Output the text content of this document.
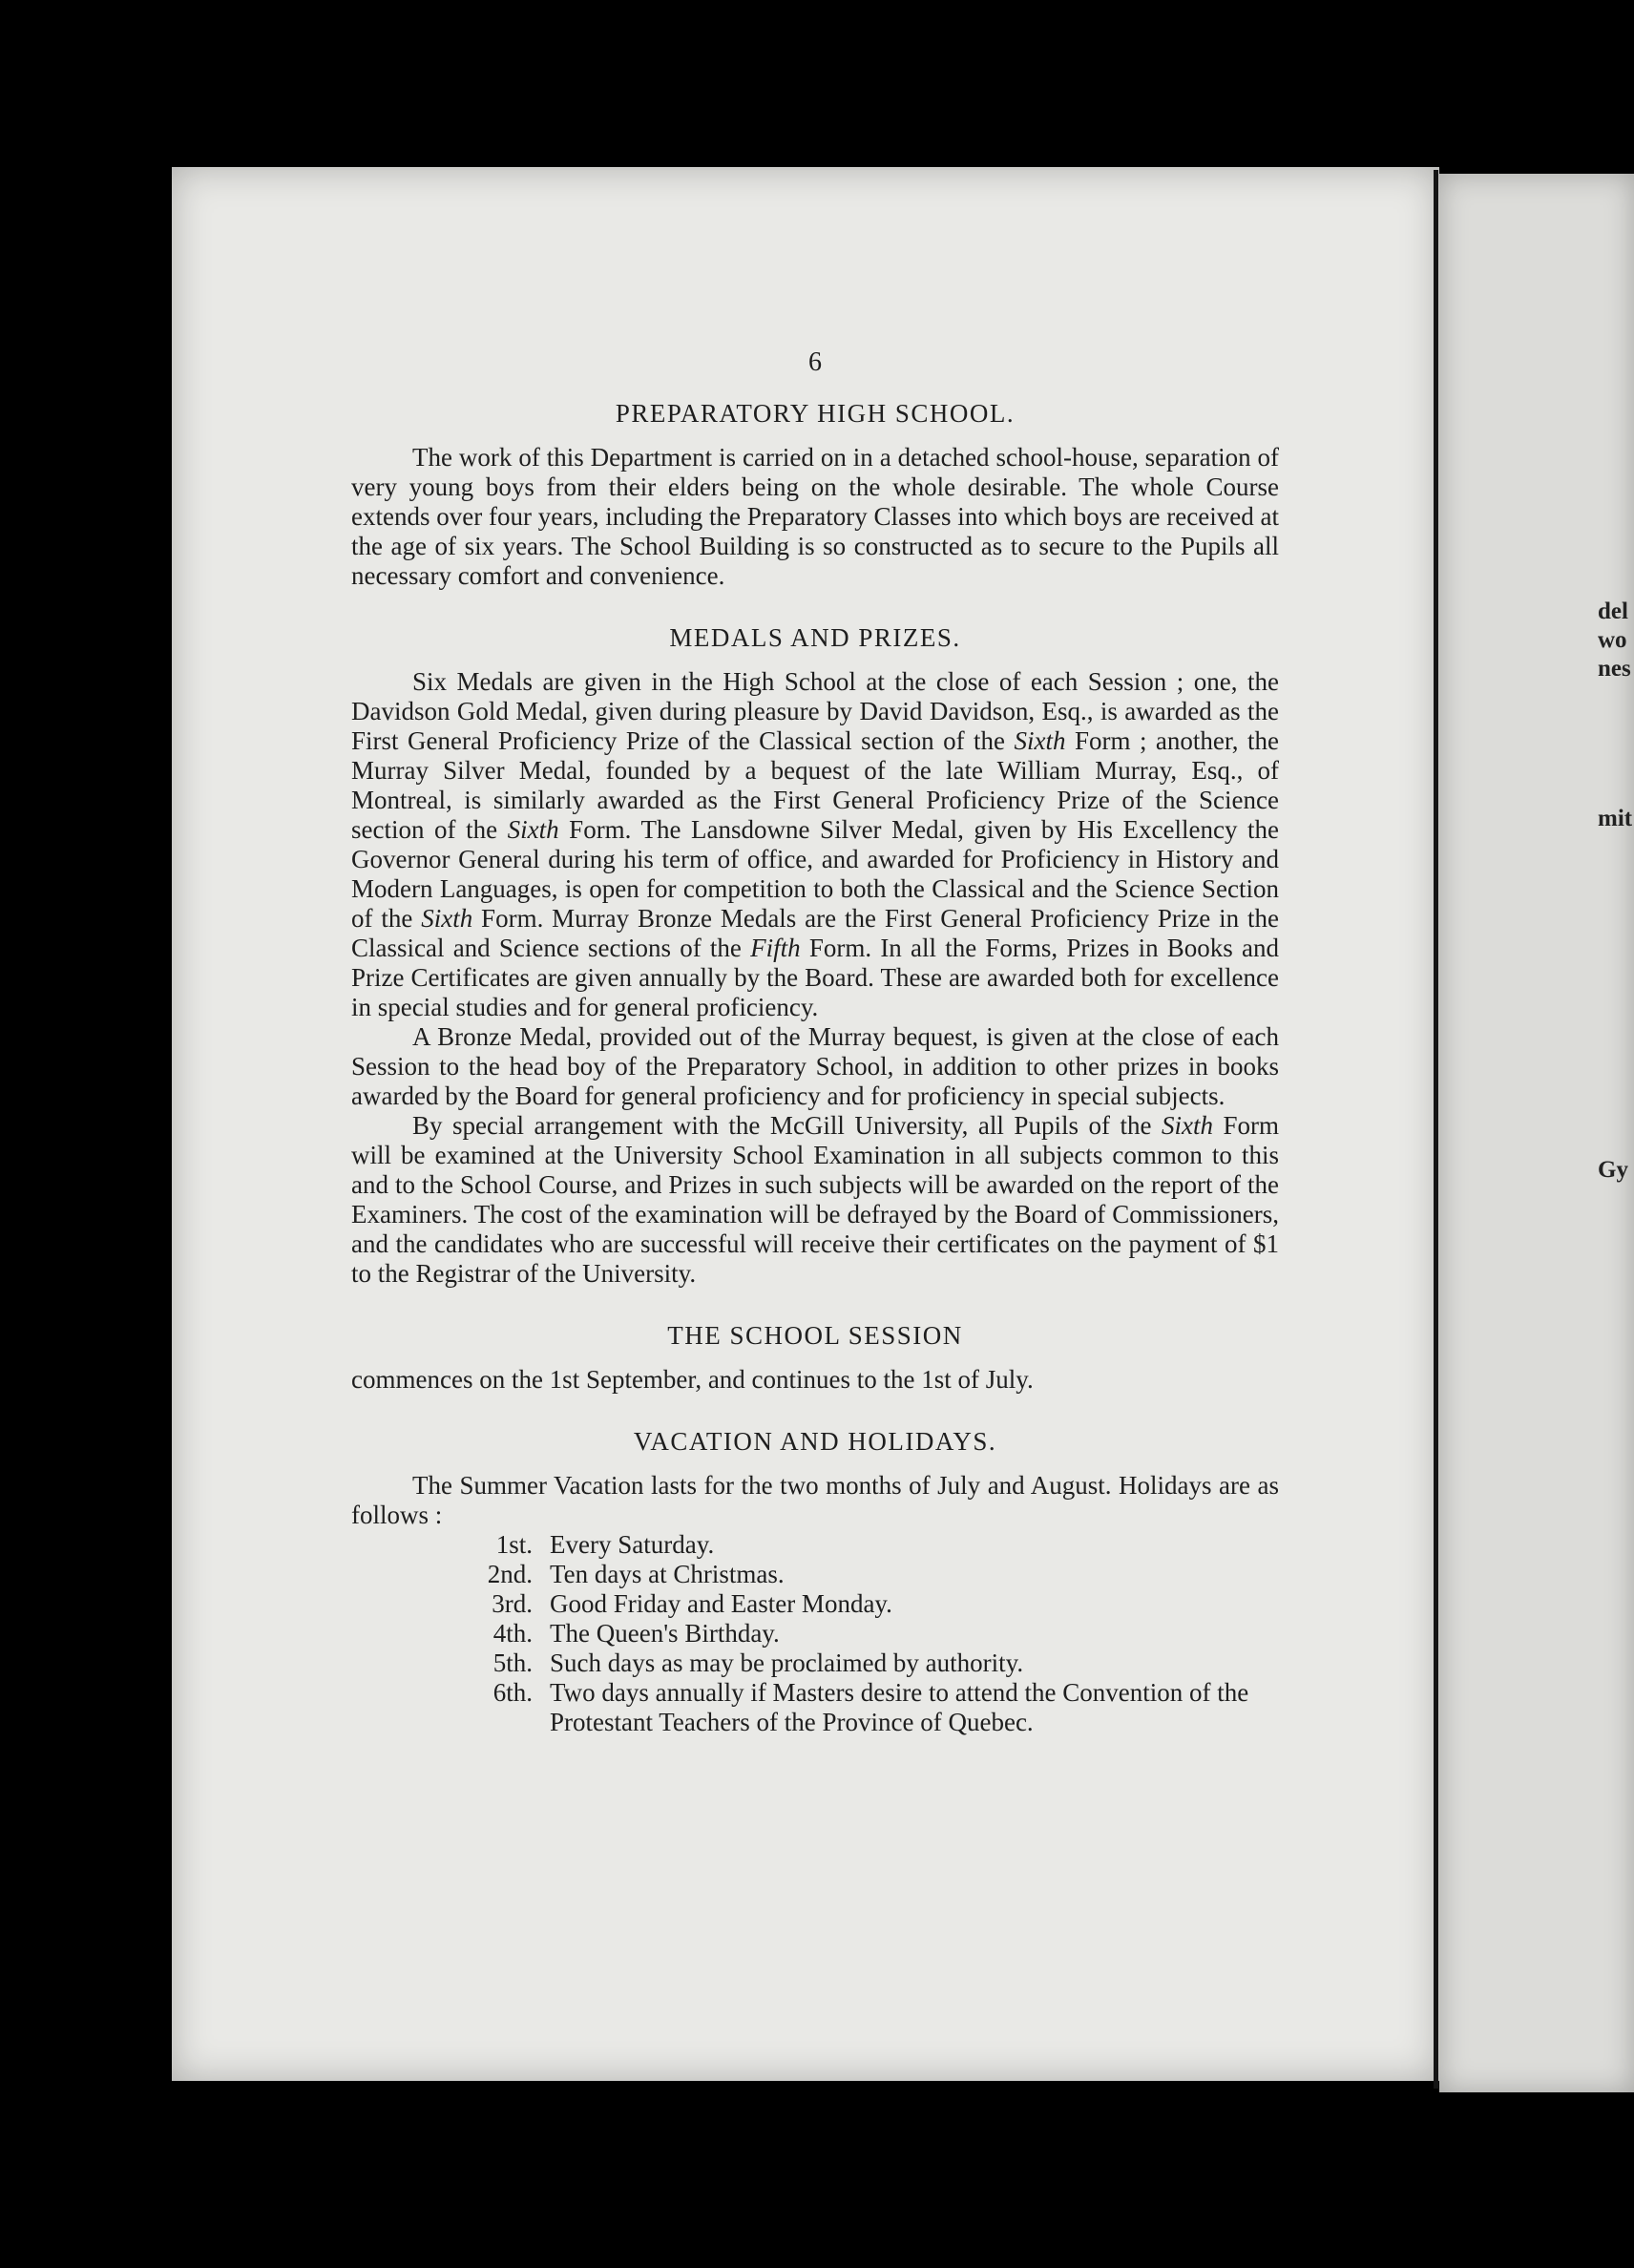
del
wo
nes
mit
Gy
6
PREPARATORY HIGH SCHOOL.

The work of this Department is carried on in a detached school-house, separation of very young boys from their elders being on the whole desirable. The whole Course extends over four years, including the Preparatory Classes into which boys are received at the age of six years. The School Building is so constructed as to secure to the Pupils all necessary comfort and convenience.

MEDALS AND PRIZES.

Six Medals are given in the High School at the close of each Session ; one, the Davidson Gold Medal, given during pleasure by David Davidson, Esq., is awarded as the First General Proficiency Prize of the Classical section of the Sixth Form ; another, the Murray Silver Medal, founded by a bequest of the late William Murray, Esq., of Montreal, is similarly awarded as the First General Proficiency Prize of the Science section of the Sixth Form. The Lansdowne Silver Medal, given by His Excellency the Governor General during his term of office, and awarded for Proficiency in History and Modern Languages, is open for competition to both the Classical and the Science Section of the Sixth Form. Murray Bronze Medals are the First General Proficiency Prize in the Classical and Science sections of the Fifth Form. In all the Forms, Prizes in Books and Prize Certificates are given annually by the Board. These are awarded both for excellence in special studies and for general proficiency.

A Bronze Medal, provided out of the Murray bequest, is given at the close of each Session to the head boy of the Preparatory School, in addition to other prizes in books awarded by the Board for general proficiency and for proficiency in special subjects.

By special arrangement with the McGill University, all Pupils of the Sixth Form will be examined at the University School Examination in all subjects common to this and to the School Course, and Prizes in such subjects will be awarded on the report of the Examiners. The cost of the examination will be defrayed by the Board of Commissioners, and the candidates who are successful will receive their certificates on the payment of $1 to the Registrar of the University.

THE SCHOOL SESSION

commences on the 1st September, and continues to the 1st of July.

VACATION AND HOLIDAYS.

The Summer Vacation lasts for the two months of July and August. Holidays are as follows :

1st. Every Saturday.
2nd. Ten days at Christmas.
3rd. Good Friday and Easter Monday.
4th. The Queen's Birthday.
5th. Such days as may be proclaimed by authority.
6th. Two days annually if Masters desire to attend the Convention of the Protestant Teachers of the Province of Quebec.
